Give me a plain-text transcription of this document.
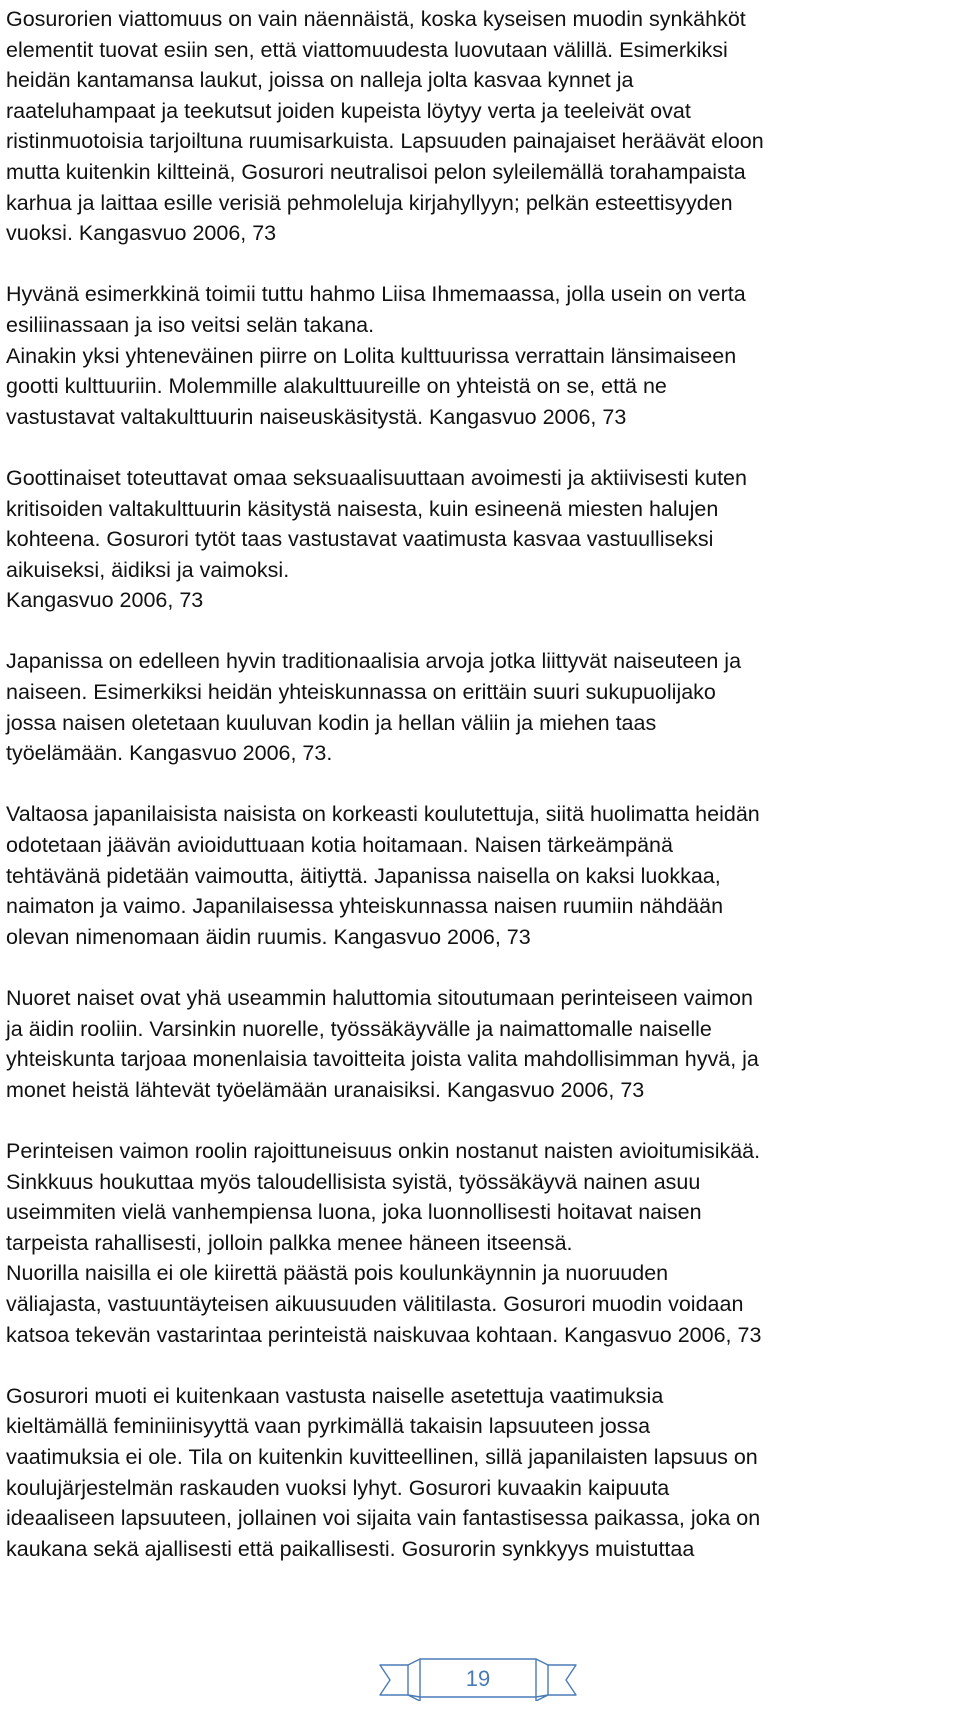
Gosurorien viattomuus on vain näennäistä, koska kyseisen muodin synkähköt
elementit tuovat esiin sen, että viattomuudesta luovutaan välillä. Esimerkiksi
heidän kantamansa laukut, joissa on nalleja jolta kasvaa kynnet ja
raateluhampaat ja teekutsut joiden kupeista löytyy verta ja teeleivät ovat
ristinmuotoisia tarjoiltuna ruumisarkuista. Lapsuuden painajaiset heräävät eloon
mutta kuitenkin kiltteinä, Gosurori neutralisoi pelon syleilemällä torahampaista
karhua ja laittaa esille verisiä pehmoleluja kirjahyllyyn; pelkän esteettisyyden
vuoksi. Kangasvuo 2006, 73
Hyvänä esimerkkinä toimii tuttu hahmo Liisa Ihmemaassa, jolla usein on verta
esiliinassaan ja iso veitsi selän takana.
Ainakin yksi yhteneväinen piirre on Lolita kulttuurissa verrattain länsimaiseen
gootti kulttuuriin. Molemmille alakulttuureille on yhteistä on se, että ne
vastustavat valtakulttuurin naiseuskäsitystä. Kangasvuo 2006, 73
Goottinaiset toteuttavat omaa seksuaalisuuttaan avoimesti ja aktiivisesti kuten
kritisoiden valtakulttuurin käsitystä naisesta, kuin esineenä miesten halujen
kohteena. Gosurori tytöt taas vastustavat vaatimusta kasvaa vastuulliseksi
aikuiseksi, äidiksi ja vaimoksi.
Kangasvuo 2006, 73
Japanissa on edelleen hyvin traditionaalisia arvoja jotka liittyvät naiseuteen ja
naiseen. Esimerkiksi heidän yhteiskunnassa on erittäin suuri sukupuolijako
jossa naisen oletetaan kuuluvan kodin ja hellan väliin ja miehen taas
työelämään. Kangasvuo 2006, 73.
Valtaosa japanilaisista naisista on korkeasti koulutettuja, siitä huolimatta heidän
odotetaan jäävän avioiduttuaan kotia hoitamaan. Naisen tärkeämpänä
tehtävänä pidetään vaimoutta, äitiyttä. Japanissa naisella on kaksi luokkaa,
naimaton ja vaimo. Japanilaisessa yhteiskunnassa naisen ruumiin nähdään
olevan nimenomaan äidin ruumis. Kangasvuo 2006, 73
Nuoret naiset ovat yhä useammin haluttomia sitoutumaan perinteiseen vaimon
ja äidin rooliin. Varsinkin nuorelle, työssäkäyvälle ja naimattomalle naiselle
yhteiskunta tarjoaa monenlaisia tavoitteita joista valita mahdollisimman hyvä, ja
monet heistä lähtevät työelämään uranaisiksi. Kangasvuo 2006, 73
Perinteisen vaimon roolin rajoittuneisuus onkin nostanut naisten avioitumisikää.
Sinkkuus houkuttaa myös taloudellisista syistä, työssäkäyvä nainen asuu
useimmiten vielä vanhempiensa luona, joka luonnollisesti hoitavat naisen
tarpeista rahallisesti, jolloin palkka menee häneen itseensä.
Nuorilla naisilla ei ole kiirettä päästä pois koulunkäynnin ja nuoruuden
väliajasta, vastuuntäyteisen aikuusuuden välitilasta. Gosurori muodin voidaan
katsoa tekevän vastarintaa perinteistä naiskuvaa kohtaan. Kangasvuo 2006, 73
Gosurori muoti ei kuitenkaan vastusta naiselle asetettuja vaatimuksia
kieltämällä feminiinisyyttä vaan pyrkimällä takaisin lapsuuteen jossa
vaatimuksia ei ole. Tila on kuitenkin kuvitteellinen, sillä japanilaisten lapsuus on
koulujärjestelmän raskauden vuoksi lyhyt. Gosurori kuvaakin kaipuuta
ideaaliseen lapsuuteen, jollainen voi sijaita vain fantastisessa paikassa, joka on
kaukana sekä ajallisesti että paikallisesti. Gosurorin synkkyys muistuttaa
19
